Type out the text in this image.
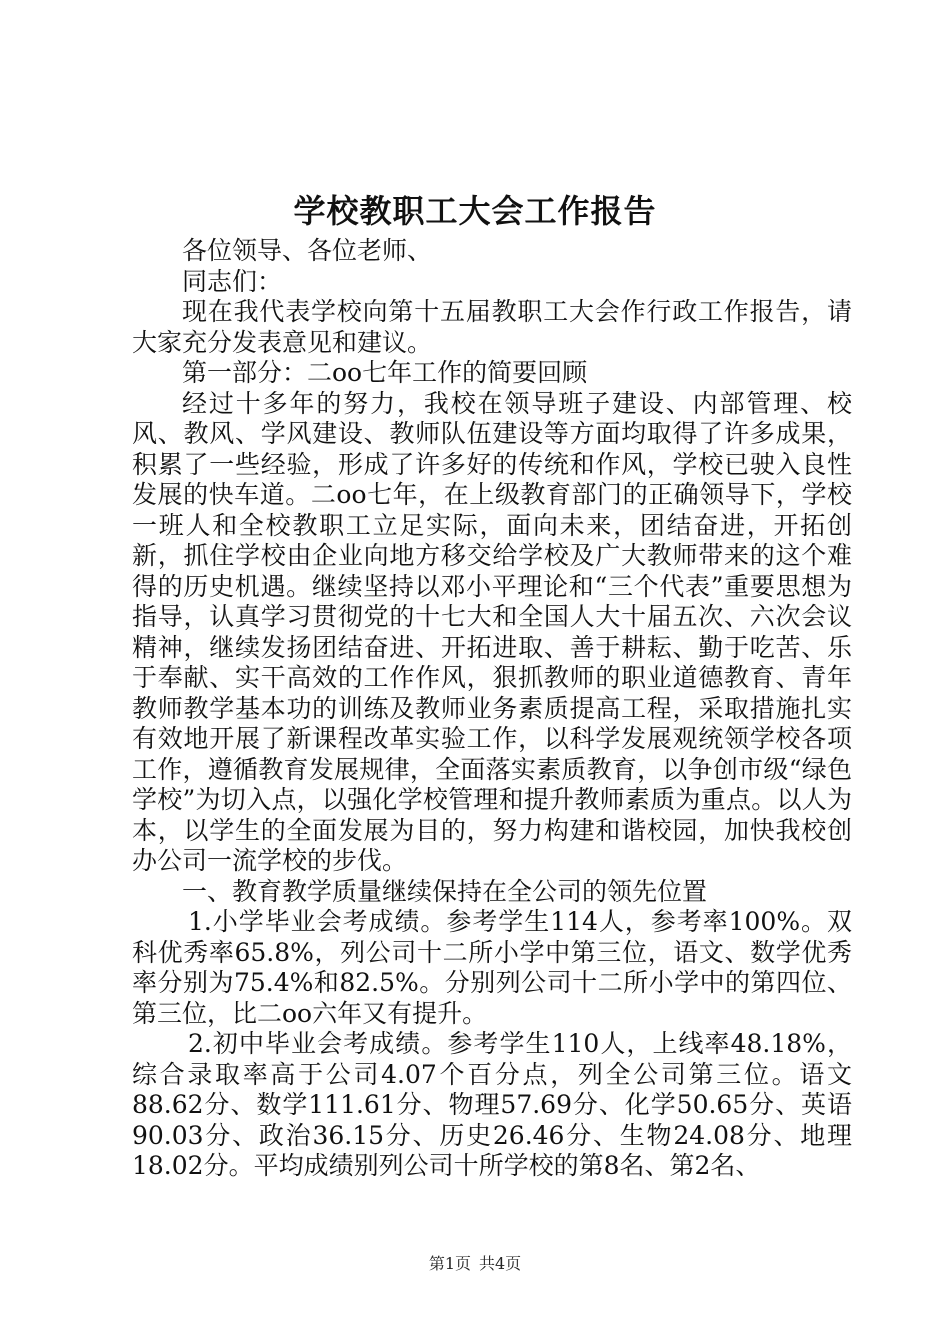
学校教职工大会工作报告

各位领导、各位老师、

同志们：

现在我代表学校向第十五届教职工大会作行政工作报告，请大家充分发表意见和建议。

第一部分：二oo七年工作的简要回顾

经过十多年的努力，我校在领导班子建设、内部管理、校风、教风、学风建设、教师队伍建设等方面均取得了许多成果，积累了一些经验，形成了许多好的传统和作风，学校已驶入良性发展的快车道。二oo七年，在上级教育部门的正确领导下，学校一班人和全校教职工立足实际，面向未来，团结奋进，开拓创新，抓住学校由企业向地方移交给学校及广大教师带来的这个难得的历史机遇。继续坚持以邓小平理论和“三个代表”重要思想为指导，认真学习贯彻党的十七大和全国人大十届五次、六次会议精神，继续发扬团结奋进、开拓进取、善于耕耘、勤于吃苦、乐于奉献、实干高效的工作作风，狠抓教师的职业道德教育、青年教师教学基本功的训练及教师业务素质提高工程，采取措施扎实有效地开展了新课程改革实验工作，以科学发展观统领学校各项工作，遵循教育发展规律，全面落实素质教育，以争创市级“绿色学校”为切入点，以强化学校管理和提升教师素质为重点。以人为本，以学生的全面发展为目的，努力构建和谐校园，加快我校创办公司一流学校的步伐。

一、教育教学质量继续保持在全公司的领先位置

1.小学毕业会考成绩。参考学生114人，参考率100%。双科优秀率65.8%，列公司十二所小学中第三位，语文、数学优秀率分别为75.4%和82.5%。分别列公司十二所小学中的第四位、第三位，比二oo六年又有提升。

2.初中毕业会考成绩。参考学生110人，上线率48.18%，综合录取率高于公司4.07个百分点，列全公司第三位。语文88.62分、数学111.61分、物理57.69分、化学50.65分、英语90.03分、政治36.15分、历史26.46分、生物24.08分、地理18.02分。平均成绩别列公司十所学校的第8名、第2名、

第1页 共4页
